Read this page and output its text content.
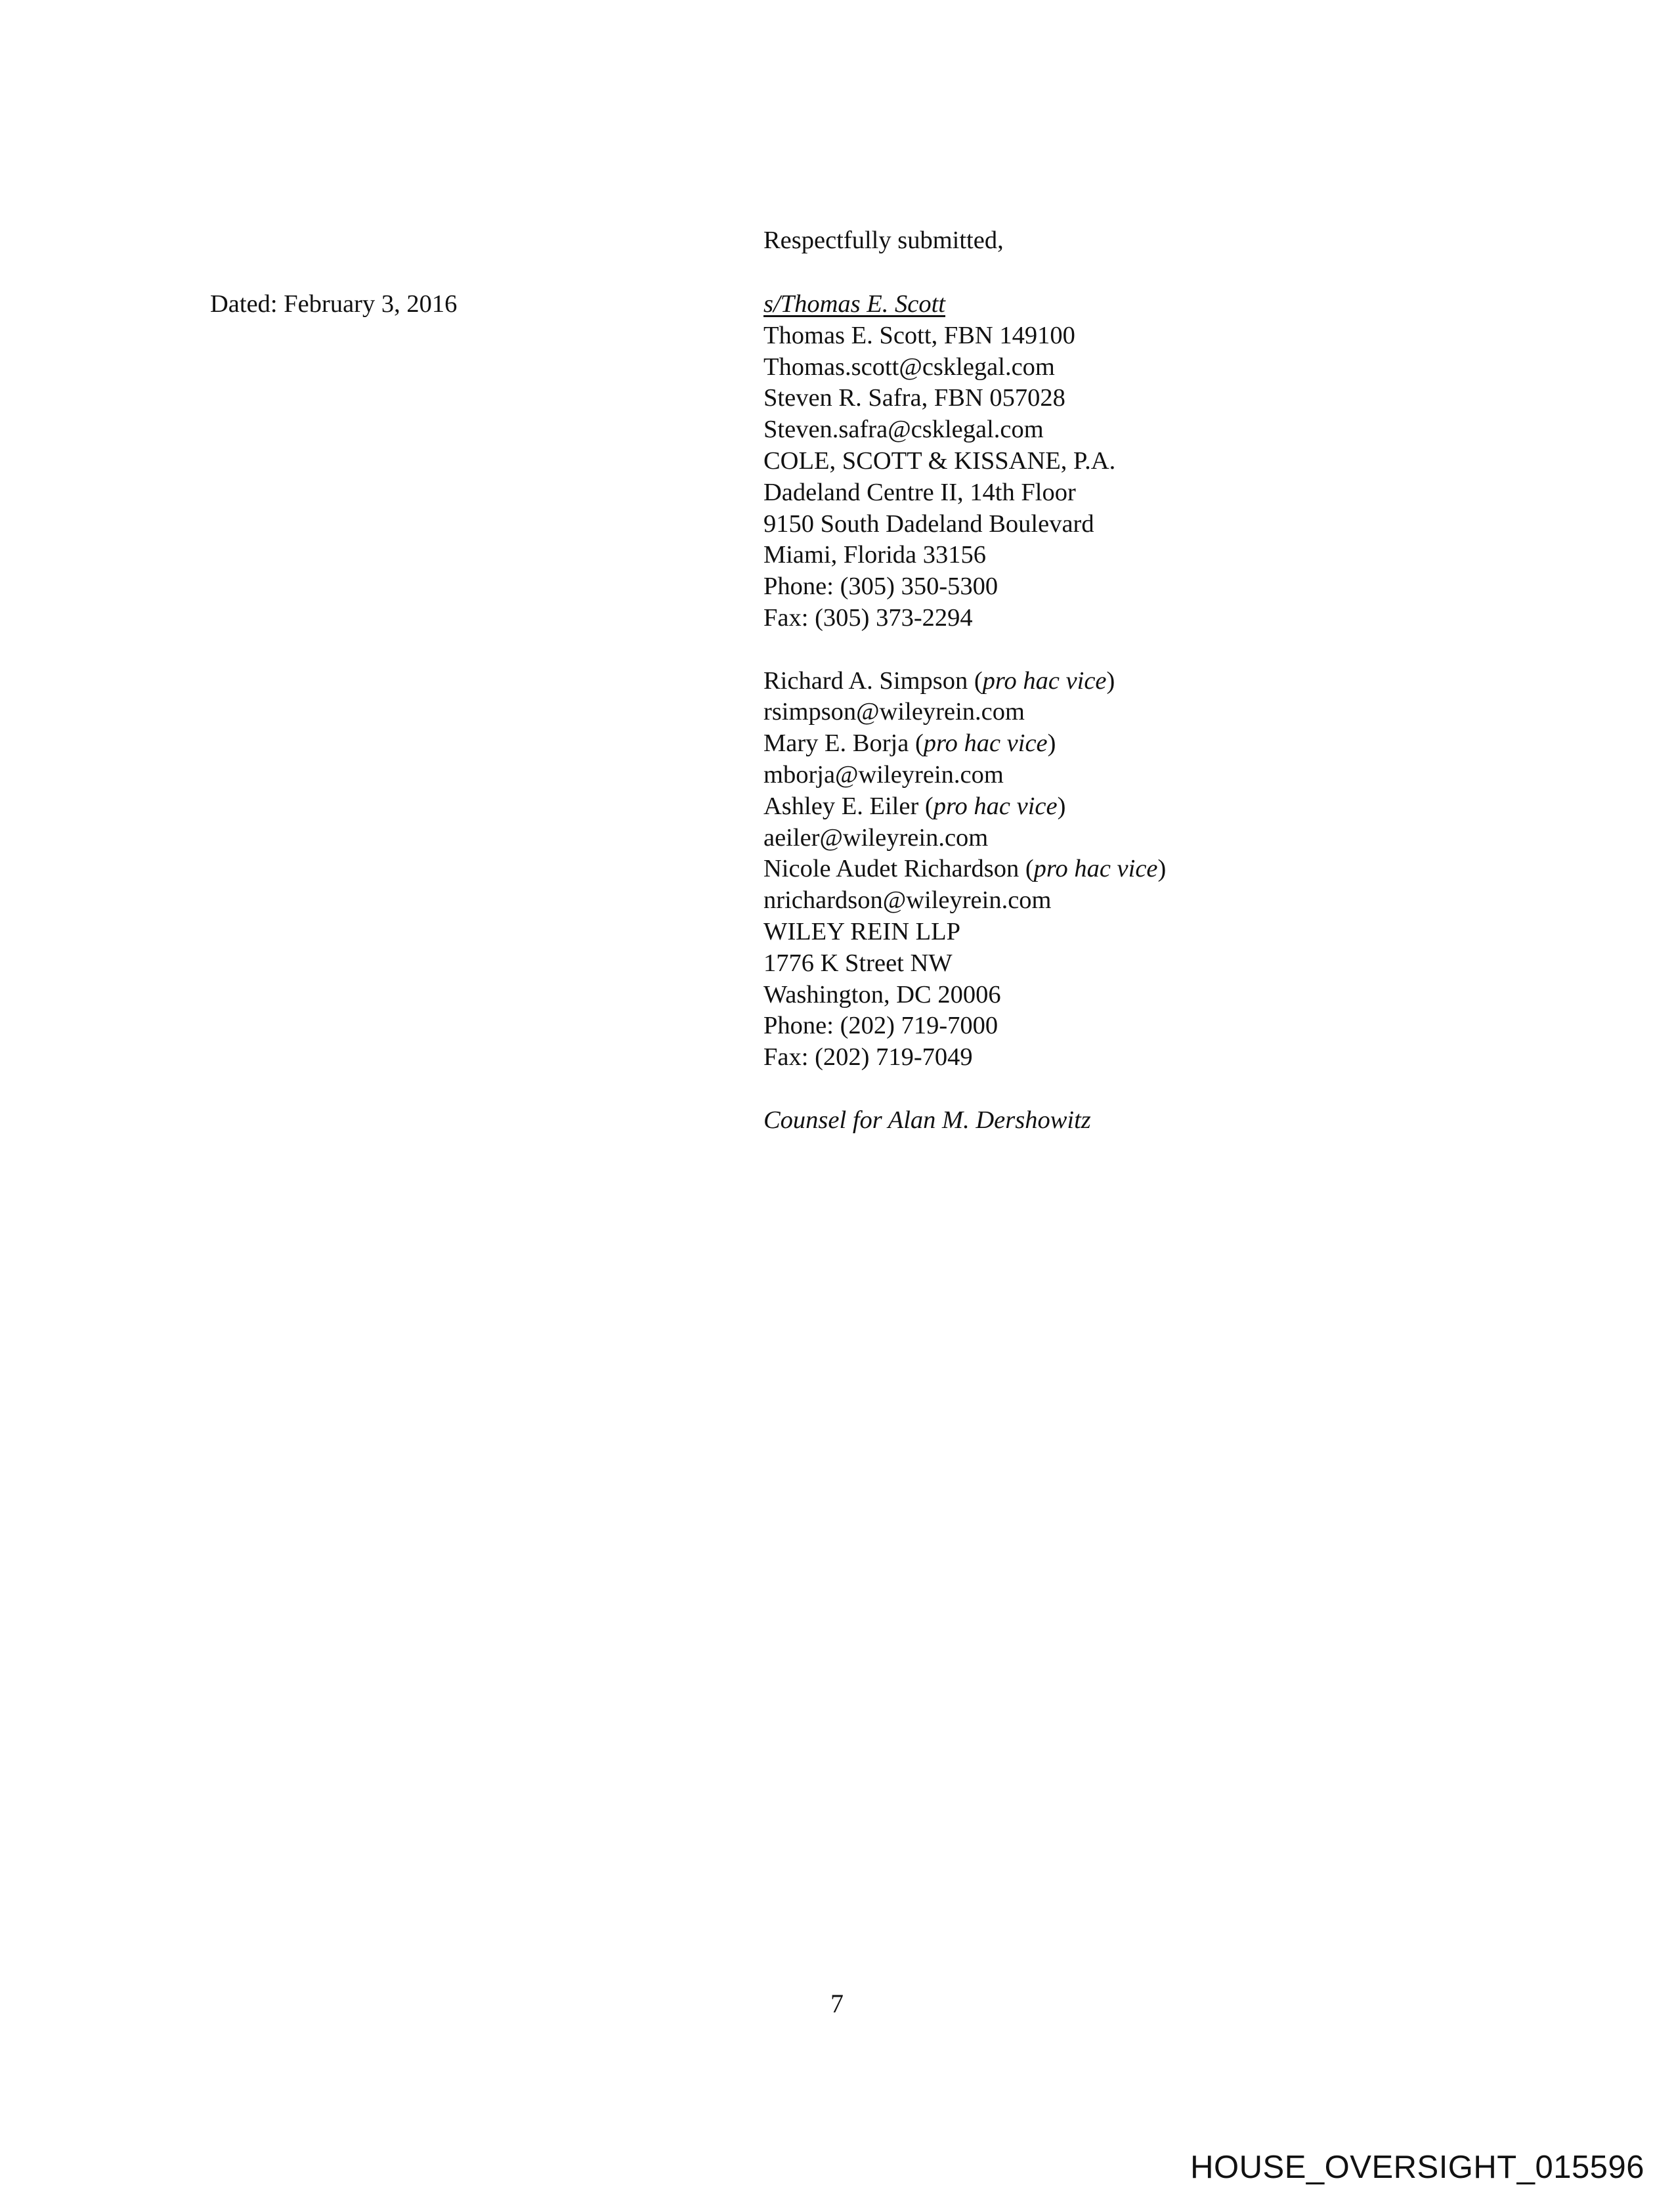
Respectfully submitted,
Dated: February 3, 2016	s/Thomas E. Scott
Thomas E. Scott, FBN 149100
Thomas.scott@csklegal.com
Steven R. Safra, FBN 057028
Steven.safra@csklegal.com
COLE, SCOTT & KISSANE, P.A.
Dadeland Centre II, 14th Floor
9150 South Dadeland Boulevard
Miami, Florida 33156
Phone: (305) 350-5300
Fax: (305) 373-2294
Richard A. Simpson (pro hac vice)
rsimpson@wileyrein.com
Mary E. Borja (pro hac vice)
mborja@wileyrein.com
Ashley E. Eiler (pro hac vice)
aeiler@wileyrein.com
Nicole Audet Richardson (pro hac vice)
nrichardson@wileyrein.com
WILEY REIN LLP
1776 K Street NW
Washington, DC 20006
Phone: (202) 719-7000
Fax: (202) 719-7049
Counsel for Alan M. Dershowitz
7
HOUSE_OVERSIGHT_015596
